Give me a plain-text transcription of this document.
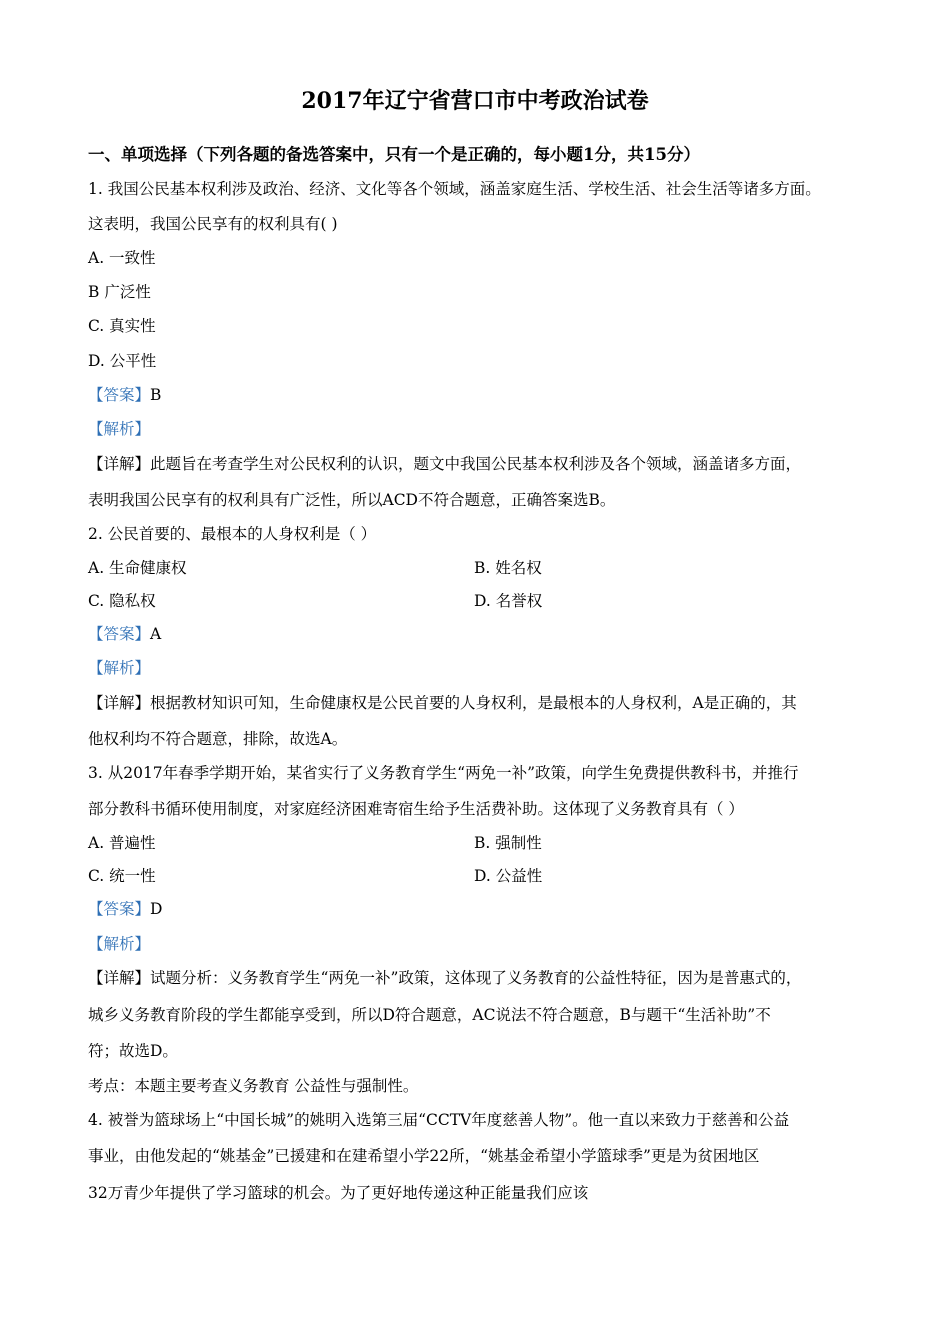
2017年辽宁省营口市中考政治试卷
一、单项选择（下列各题的备选答案中，只有一个是正确的，每小题1分，共15分）
1. 我国公民基本权利涉及政治、经济、文化等各个领域，涵盖家庭生活、学校生活、社会生活等诸多方面。
这表明，我国公民享有的权利具有( )
A. 一致性
B 广泛性
C. 真实性
D. 公平性
【答案】B
【解析】
【详解】此题旨在考查学生对公民权利的认识，题文中我国公民基本权利涉及各个领域，涵盖诸多方面，
表明我国公民享有的权利具有广泛性，所以ACD不符合题意，正确答案选B。
2. 公民首要的、最根本的人身权利是（ ）
A. 生命健康权	B. 姓名权
C. 隐私权	D. 名誉权
【答案】A
【解析】
【详解】根据教材知识可知，生命健康权是公民首要的人身权利，是最根本的人身权利，A是正确的，其
他权利均不符合题意，排除，故选A。
3. 从2017年春季学期开始，某省实行了义务教育学生“两免一补”政策，向学生免费提供教科书，并推行
部分教科书循环使用制度，对家庭经济困难寄宿生给予生活费补助。这体现了义务教育具有（ ）
A. 普遍性	B. 强制性
C. 统一性	D. 公益性
【答案】D
【解析】
【详解】试题分析：义务教育学生“两免一补”政策，这体现了义务教育的公益性特征，因为是普惠式的，
城乡义务教育阶段的学生都能享受到，所以D符合题意，AC说法不符合题意，B与题干“生活补助”不
符；故选D。
考点：本题主要考查义务教育 公益性与强制性。
4. 被誉为篮球场上“中国长城”的姚明入选第三届“CCTV年度慈善人物”。他一直以来致力于慈善和公益
事业，由他发起的“姚基金”已援建和在建希望小学22所，“姚基金希望小学篮球季”更是为贫困地区
32万青少年提供了学习篮球的机会。为了更好地传递这种正能量我们应该
